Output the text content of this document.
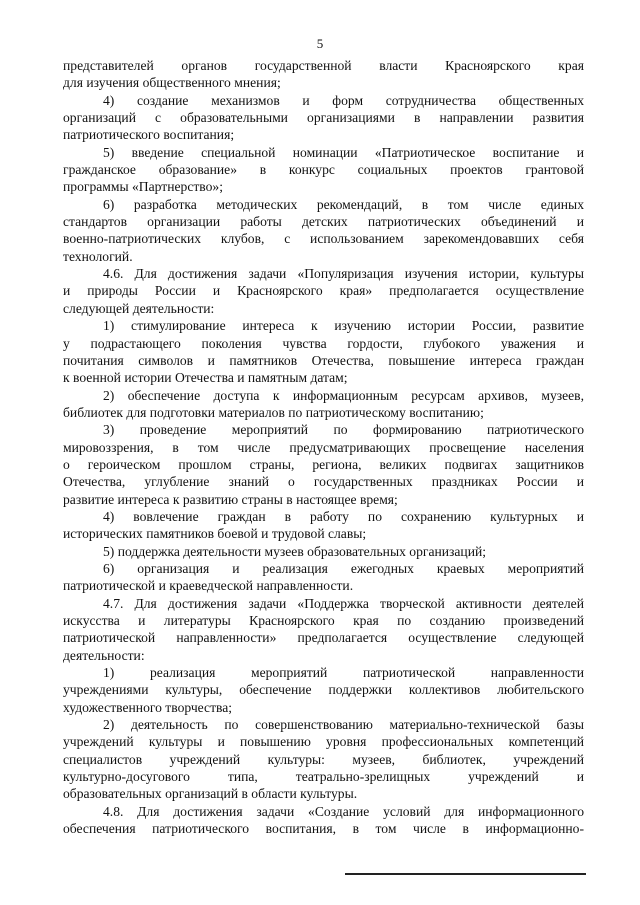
5
представителей органов государственной власти Красноярского края
для изучения общественного мнения;
4) создание механизмов и форм сотрудничества общественных
организаций с образовательными организациями в направлении развития
патриотического воспитания;
5) введение специальной номинации «Патриотическое воспитание и
гражданское образование» в конкурс социальных проектов грантовой
программы «Партнерство»;
6) разработка методических рекомендаций, в том числе единых
стандартов организации работы детских патриотических объединений и
военно-патриотических клубов, с использованием зарекомендовавших себя
технологий.
4.6. Для достижения задачи «Популяризация изучения истории, культуры
и природы России и Красноярского края» предполагается осуществление
следующей деятельности:
1) стимулирование интереса к изучению истории России, развитие
у подрастающего поколения чувства гордости, глубокого уважения и
почитания символов и памятников Отечества, повышение интереса граждан
к военной истории Отечества и памятным датам;
2) обеспечение доступа к информационным ресурсам архивов, музеев,
библиотек для подготовки материалов по патриотическому воспитанию;
3) проведение мероприятий по формированию патриотического
мировоззрения, в том числе предусматривающих просвещение населения
о героическом прошлом страны, региона, великих подвигах защитников
Отечества, углубление знаний о государственных праздниках России и
развитие интереса к развитию страны в настоящее время;
4) вовлечение граждан в работу по сохранению культурных и
исторических памятников боевой и трудовой славы;
5) поддержка деятельности музеев образовательных организаций;
6) организация и реализация ежегодных краевых мероприятий
патриотической и краеведческой направленности.
4.7. Для достижения задачи «Поддержка творческой активности деятелей
искусства и литературы Красноярского края по созданию произведений
патриотической направленности» предполагается осуществление следующей
деятельности:
1) реализация мероприятий патриотической направленности
учреждениями культуры, обеспечение поддержки коллективов любительского
художественного творчества;
2) деятельность по совершенствованию материально-технической базы
учреждений культуры и повышению уровня профессиональных компетенций
специалистов учреждений культуры: музеев, библиотек, учреждений
культурно-досугового типа, театрально-зрелищных учреждений и
образовательных организаций в области культуры.
4.8. Для достижения задачи «Создание условий для информационного
обеспечения патриотического воспитания, в том числе в информационно-
